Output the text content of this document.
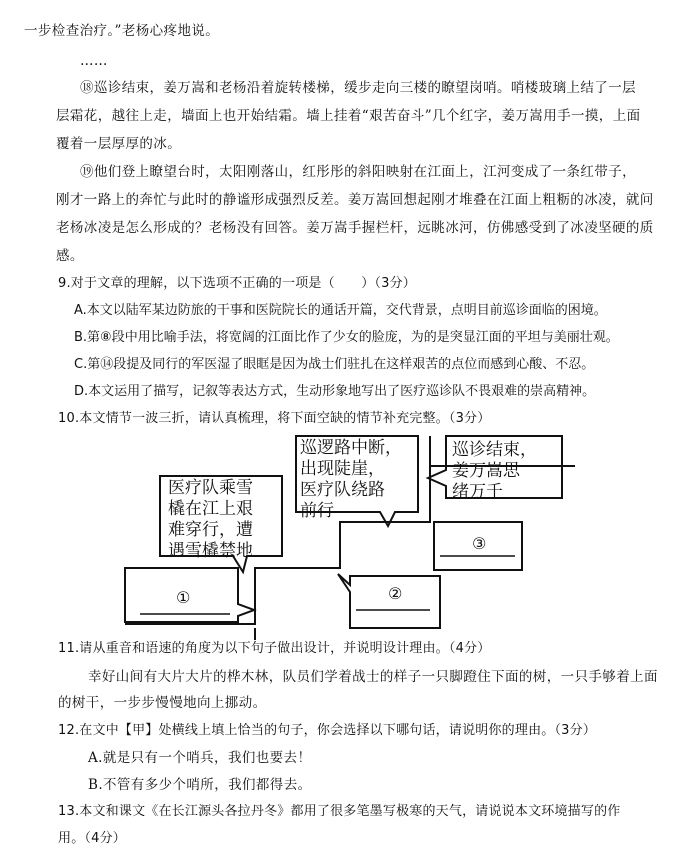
一步检查治疗。”老杨心疼地说。
……
⑱巡诊结束，姜万嵩和老杨沿着旋转楼梯，缓步走向三楼的瞭望岗哨。哨楼玻璃上结了一层
层霜花，越往上走，墙面上也开始结霜。墙上挂着“艰苦奋斗”几个红字，姜万嵩用手一摸，上面
覆着一层厚厚的冰。
⑲他们登上瞭望台时，太阳刚落山，红彤彤的斜阳映射在江面上，江河变成了一条红带子，
刚才一路上的奔忙与此时的静谧形成强烈反差。姜万嵩回想起刚才堆叠在江面上粗粝的冰凌，就问
老杨冰凌是怎么形成的？老杨没有回答。姜万嵩手握栏杆，远眺冰河，仿佛感受到了冰凌坚硬的质
感。
9.对于文章的理解，以下选项不正确的一项是（　　）（3分）
A.本文以陆军某边防旅的干事和医院院长的通话开篇，交代背景，点明目前巡诊面临的困境。
B.第⑧段中用比喻手法，将宽阔的江面比作了少女的脸庞，为的是突显江面的平坦与美丽壮观。
C.第⑭段提及同行的军医湿了眼眶是因为战士们驻扎在这样艰苦的点位而感到心酸、不忍。
D.本文运用了描写，记叙等表达方式，生动形象地写出了医疗巡诊队不畏艰难的崇高精神。
10.本文情节一波三折，请认真梳理，将下面空缺的情节补充完整。（3分）
医疗队乘雪
橇在江上艰
难穿行，遭
遇雪橇禁地
巡逻路中断，
出现陡崖，
医疗队绕路
前行
巡诊结束，
姜万嵩思
绪万千
①	②
③
11.请从重音和语速的角度为以下句子做出设计，并说明设计理由。（4分）
幸好山间有大片大片的桦木林，队员们学着战士的样子一只脚蹬住下面的树，一只手够着上面
的树干，一步步慢慢地向上挪动。
12.在文中【甲】处横线上填上恰当的句子，你会选择以下哪句话，请说明你的理由。（3分）
A.就是只有一个哨兵，我们也要去！
B.不管有多少个哨所，我们都得去。
13.本文和课文《在长江源头各拉丹冬》都用了很多笔墨写极寒的天气，请说说本文环境描写的作
用。（4分）
